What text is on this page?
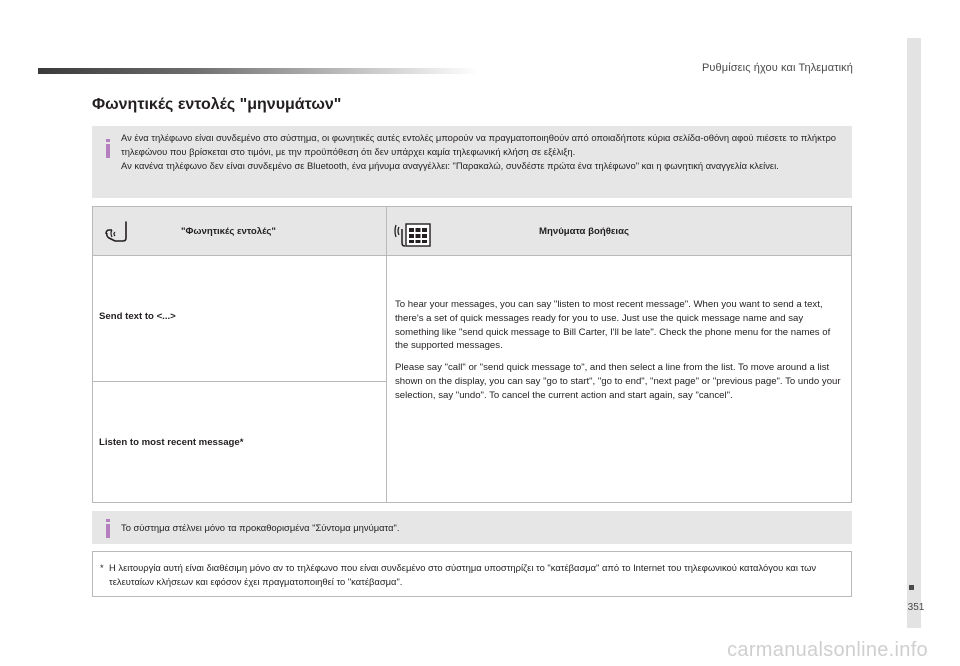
Ρυθμίσεις ήχου και Τηλεματική
351
Φωνητικές εντολές "μηνυμάτων"

Αν ένα τηλέφωνο είναι συνδεμένο στο σύστημα, οι φωνητικές αυτές εντολές μπορούν να πραγματοποιηθούν από οποιαδήποτε κύρια σελίδα-οθόνη αφού πιέσετε το πλήκτρο τηλεφώνου που βρίσκεται στο τιμόνι, με την προϋπόθεση ότι δεν υπάρχει καμία τηλεφωνική κλήση σε εξέλιξη.

Αν κανένα τηλέφωνο δεν είναι συνδεμένο σε Bluetooth, ένα μήνυμα αναγγέλλει: "Παρακαλώ, συνδέστε πρώτα ένα τηλέφωνο" και η φωνητική αναγγελία κλείνει.

"Φωνητικές εντολές"	Μηνύματα βοήθειας
Send text to <...>
Listen to most recent message*

To hear your messages, you can say "listen to most recent message". When you want to send a text, there's a set of quick messages ready for you to use. Just use the quick message name and say something like "send quick message to Bill Carter, I'll be late". Check the phone menu for the names of the supported messages.

Please say "call" or "send quick message to", and then select a line from the list. To move around a list shown on the display, you can say "go to start", "go to end", "next page" or "previous page". To undo your selection, say "undo". To cancel the current action and start again, say "cancel".

Το σύστημα στέλνει μόνο τα προκαθορισμένα "Σύντομα μηνύματα".
* Η λειτουργία αυτή είναι διαθέσιμη μόνο αν το τηλέφωνο που είναι συνδεμένο στο σύστημα υποστηρίζει το "κατέβασμα" από το Internet του τηλεφωνικού καταλόγου και των τελευταίων κλήσεων και εφόσον έχει πραγματοποιηθεί το "κατέβασμα".
carmanualsonline.info
